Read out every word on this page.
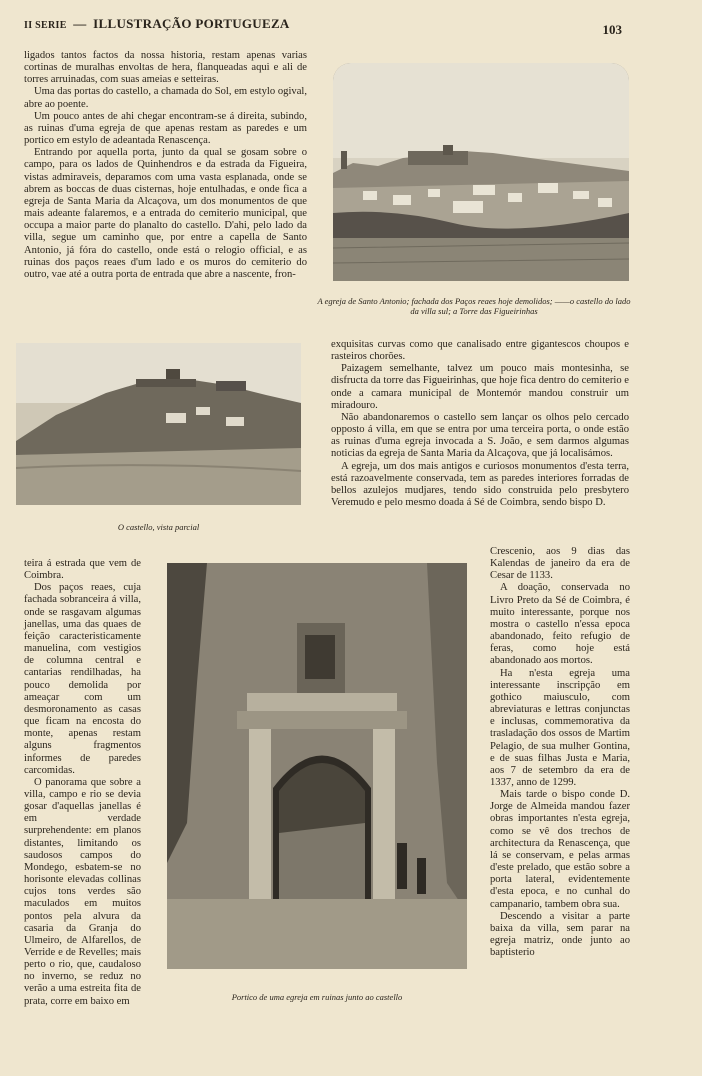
II SERIE — ILLUSTRAÇÃO PORTUGUEZA	103

ligados tantos factos da nossa historia, restam apenas varias cortinas de muralhas envoltas de hera, flanqueadas aqui e ali de torres arruinadas, com suas ameias e setteiras.

Uma das portas do castello, a chamada do Sol, em estylo ogival, abre ao poente.

Um pouco antes de ahi chegar encontram-se á direita, subindo, as ruinas d'uma egreja de que apenas restam as paredes e um portico em estylo de adeantada Renascença.

Entrando por aquella porta, junto da qual se gosam sobre o campo, para os lados de Quinhendros e da estrada da Figueira, vistas admiraveis, deparamos com uma vasta esplanada, onde se abrem as boccas de duas cisternas, hoje entulhadas, e onde fica a egreja de Santa Maria da Alcaçova, um dos monumentos de que mais adeante falaremos, e a entrada do cemiterio municipal, que occupa a maior parte do planalto do castello. D'ahi, pelo lado da villa, segue um caminho que, por entre a capella de Santo Antonio, já fóra do castello, onde está o relogio official, e as ruinas dos paços reaes d'um lado e os muros do cemiterio do outro, vae até a outra porta de entrada que abre a nascente, fron-

A egreja de Santo Antonio; fachada dos Paços reaes hoje demolidos; ——o castello do lado da villa sul; a Torre das Figueirinhas
O castello, vista parcial

exquisitas curvas como que canalisado entre gigantescos choupos e rasteiros chorões.

Paizagem semelhante, talvez um pouco mais montesinha, se disfructa da torre das Figueirinhas, que hoje fica dentro do cemiterio e onde a camara municipal de Montemór mandou construir um miradouro.

Não abandonaremos o castello sem lançar os olhos pelo cercado opposto á villa, em que se entra por uma terceira porta, o onde estão as ruinas d'uma egreja invocada a S. João, e sem darmos algumas noticias da egreja de Santa Maria da Alcaçova, que já localisámos.

A egreja, um dos mais antigos e curiosos monumentos d'esta terra, está razoavelmente conservada, tem as paredes interiores forradas de bellos azulejos mudjares, tendo sido construida pelo presbytero Veremudo e pelo mesmo doada á Sé de Coimbra, sendo bispo D.

teira á estrada que vem de Coimbra.

Dos paços reaes, cuja fachada sobranceira á villa, onde se rasgavam algumas janellas, uma das quaes de feição caracteristicamente manuelina, com vestigios de columna central e cantarias rendilhadas, ha pouco demolida por ameaçar com um desmoronamento as casas que ficam na encosta do monte, apenas restam alguns fragmentos informes de paredes carcomidas.

O panorama que sobre a villa, campo e rio se devia gosar d'aquellas janellas é em verdade surprehendente: em planos distantes, limitando os saudosos campos do Mondego, esbatem-se no horisonte elevadas collinas cujos tons verdes são maculados em muitos pontos pela alvura da casaria da Granja do Ulmeiro, de Alfarellos, de Verride e de Revelles; mais perto o rio, que, caudaloso no inverno, se reduz no verão a uma estreita fita de prata, corre em baixo em	Portico de uma egreja em ruinas junto ao castello

Crescenio, aos 9 dias das Kalendas de janeiro da era de Cesar de 1133.

A doação, conservada no Livro Preto da Sé de Coimbra, é muito interessante, porque nos mostra o castello n'essa epoca abandonado, feito refugio de feras, como hoje está abandonado aos mortos.

Ha n'esta egreja uma interessante inscripção em gothico maiusculo, com abreviaturas e lettras conjunctas e inclusas, commemorativa da trasladação dos ossos de Martim Pelagio, de sua mulher Gontina, e de suas filhas Justa e Maria, aos 7 de setembro da era de 1337, anno de 1299.

Mais tarde o bispo conde D. Jorge de Almeida mandou fazer obras importantes n'esta egreja, como se vê dos trechos de architectura da Renascença, que lá se conservam, e pelas armas d'este prelado, que estão sobre a porta lateral, evidentemente d'esta epoca, e no cunhal do campanario, tambem obra sua.

Descendo a visitar a parte baixa da villa, sem parar na egreja matriz, onde junto ao baptisterio
